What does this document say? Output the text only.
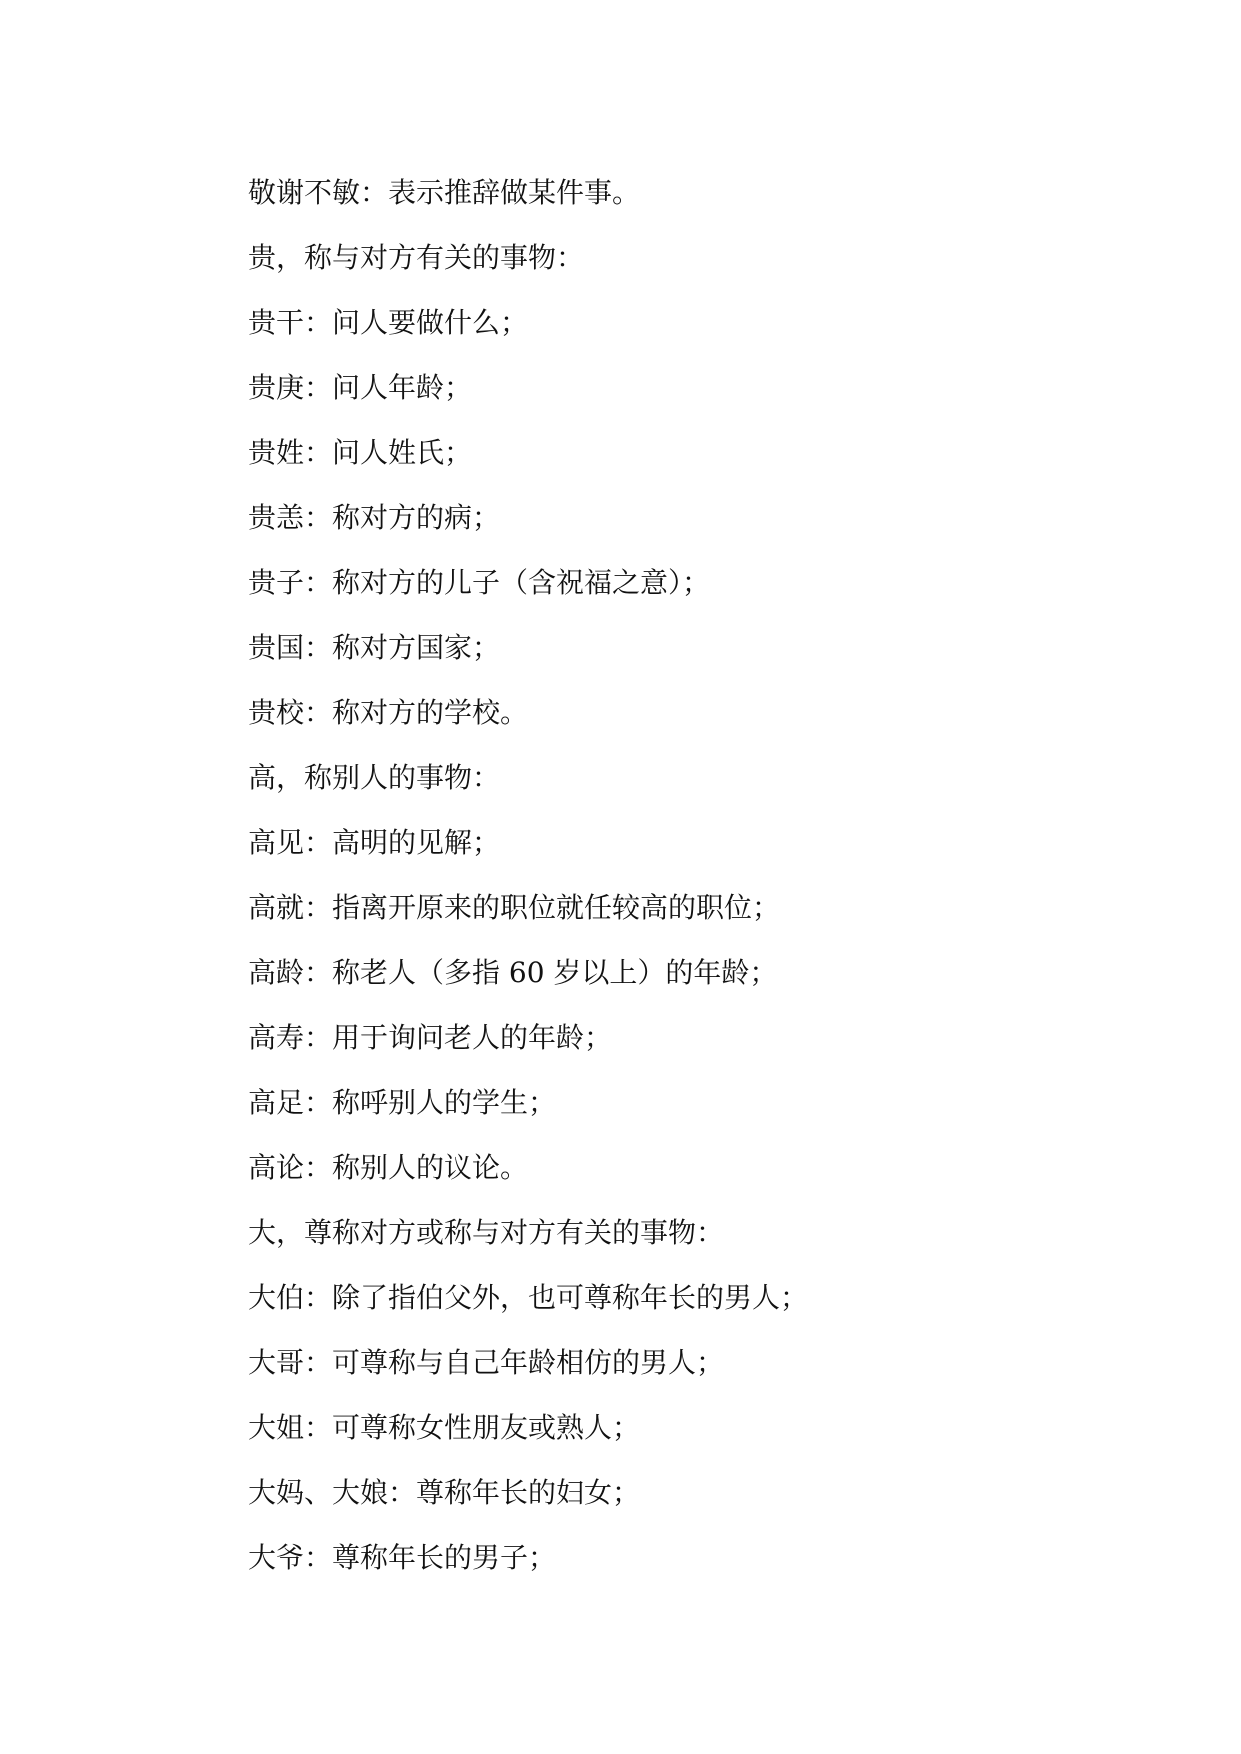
敬谢不敏：表示推辞做某件事。
贵，称与对方有关的事物：
贵干：问人要做什么；
贵庚：问人年龄；
贵姓：问人姓氏；
贵恙：称对方的病；
贵子：称对方的儿子（含祝福之意）；
贵国：称对方国家；
贵校：称对方的学校。
高，称别人的事物：
高见：高明的见解；
高就：指离开原来的职位就任较高的职位；
高龄：称老人（多指 60 岁以上）的年龄；
高寿：用于询问老人的年龄；
高足：称呼别人的学生；
高论：称别人的议论。
大，尊称对方或称与对方有关的事物：
大伯：除了指伯父外，也可尊称年长的男人；
大哥：可尊称与自己年龄相仿的男人；
大姐：可尊称女性朋友或熟人；
大妈、大娘：尊称年长的妇女；
大爷：尊称年长的男子；
